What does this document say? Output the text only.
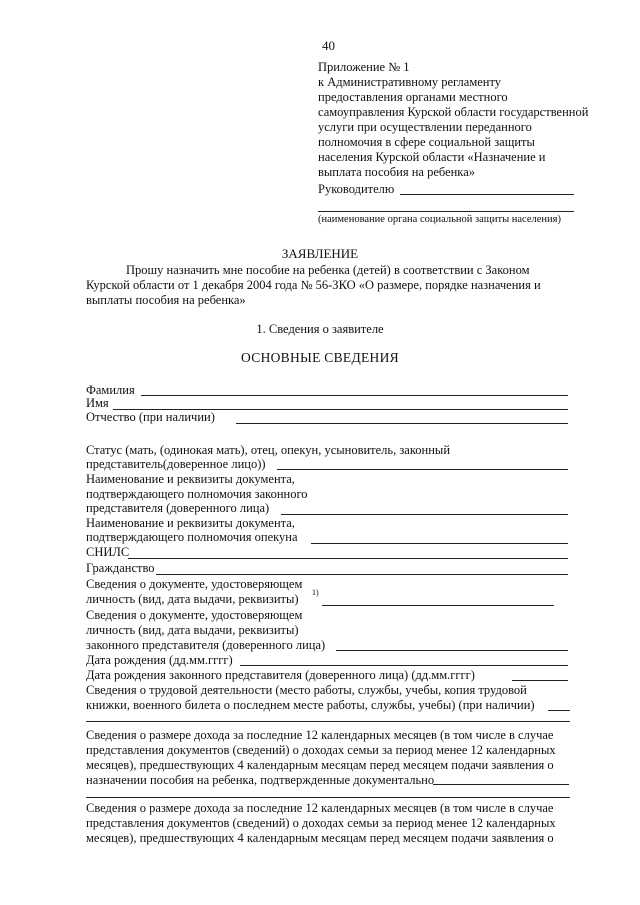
40
Приложение № 1
к Административному регламенту
предоставления органами местного
самоуправления Курской области государственной
услуги при осуществлении переданного
полномочия в сфере социальной защиты
населения Курской области «Назначение и
выплата пособия на ребенка»
Руководителю
(наименование органа социальной защиты населения)
ЗАЯВЛЕНИЕ
Прошу назначить мне пособие на ребенка (детей) в соответствии с Законом
Курской области от 1 декабря 2004 года № 56-ЗКО «О размере, порядке назначения и
выплаты пособия на ребенка»
1. Сведения о заявителе
ОСНОВНЫЕ СВЕДЕНИЯ
Фамилия
Имя
Отчество (при наличии)
Статус (мать, (одинокая мать), отец, опекун, усыновитель, законный
представитель(доверенное лицо))
Наименование и реквизиты документа,
подтверждающего полномочия законного
представителя (доверенного лица)
Наименование и реквизиты документа,
подтверждающего полномочия опекуна
СНИЛС
Гражданство
Сведения о документе, удостоверяющем
личность (вид, дата выдачи, реквизиты) 1)
Сведения о документе, удостоверяющем
личность (вид, дата выдачи, реквизиты)
законного представителя (доверенного лица)
Дата рождения (дд.мм.гггг)
Дата рождения законного представителя (доверенного лица) (дд.мм.гггг)
Сведения о трудовой деятельности (место работы, службы, учебы, копия трудовой
книжки, военного билета о последнем месте работы, службы, учебы) (при наличии)
Сведения о размере дохода за последние 12 календарных месяцев (в том числе в случае
представления документов (сведений) о доходах семьи за период менее 12 календарных
месяцев), предшествующих 4 календарным месяцам перед месяцем подачи заявления о
назначении пособия на ребенка, подтвержденные документально
Сведения о размере дохода за последние 12 календарных месяцев (в том числе в случае
представления документов (сведений) о доходах семьи за период менее 12 календарных
месяцев), предшествующих 4 календарным месяцам перед месяцем подачи заявления о
